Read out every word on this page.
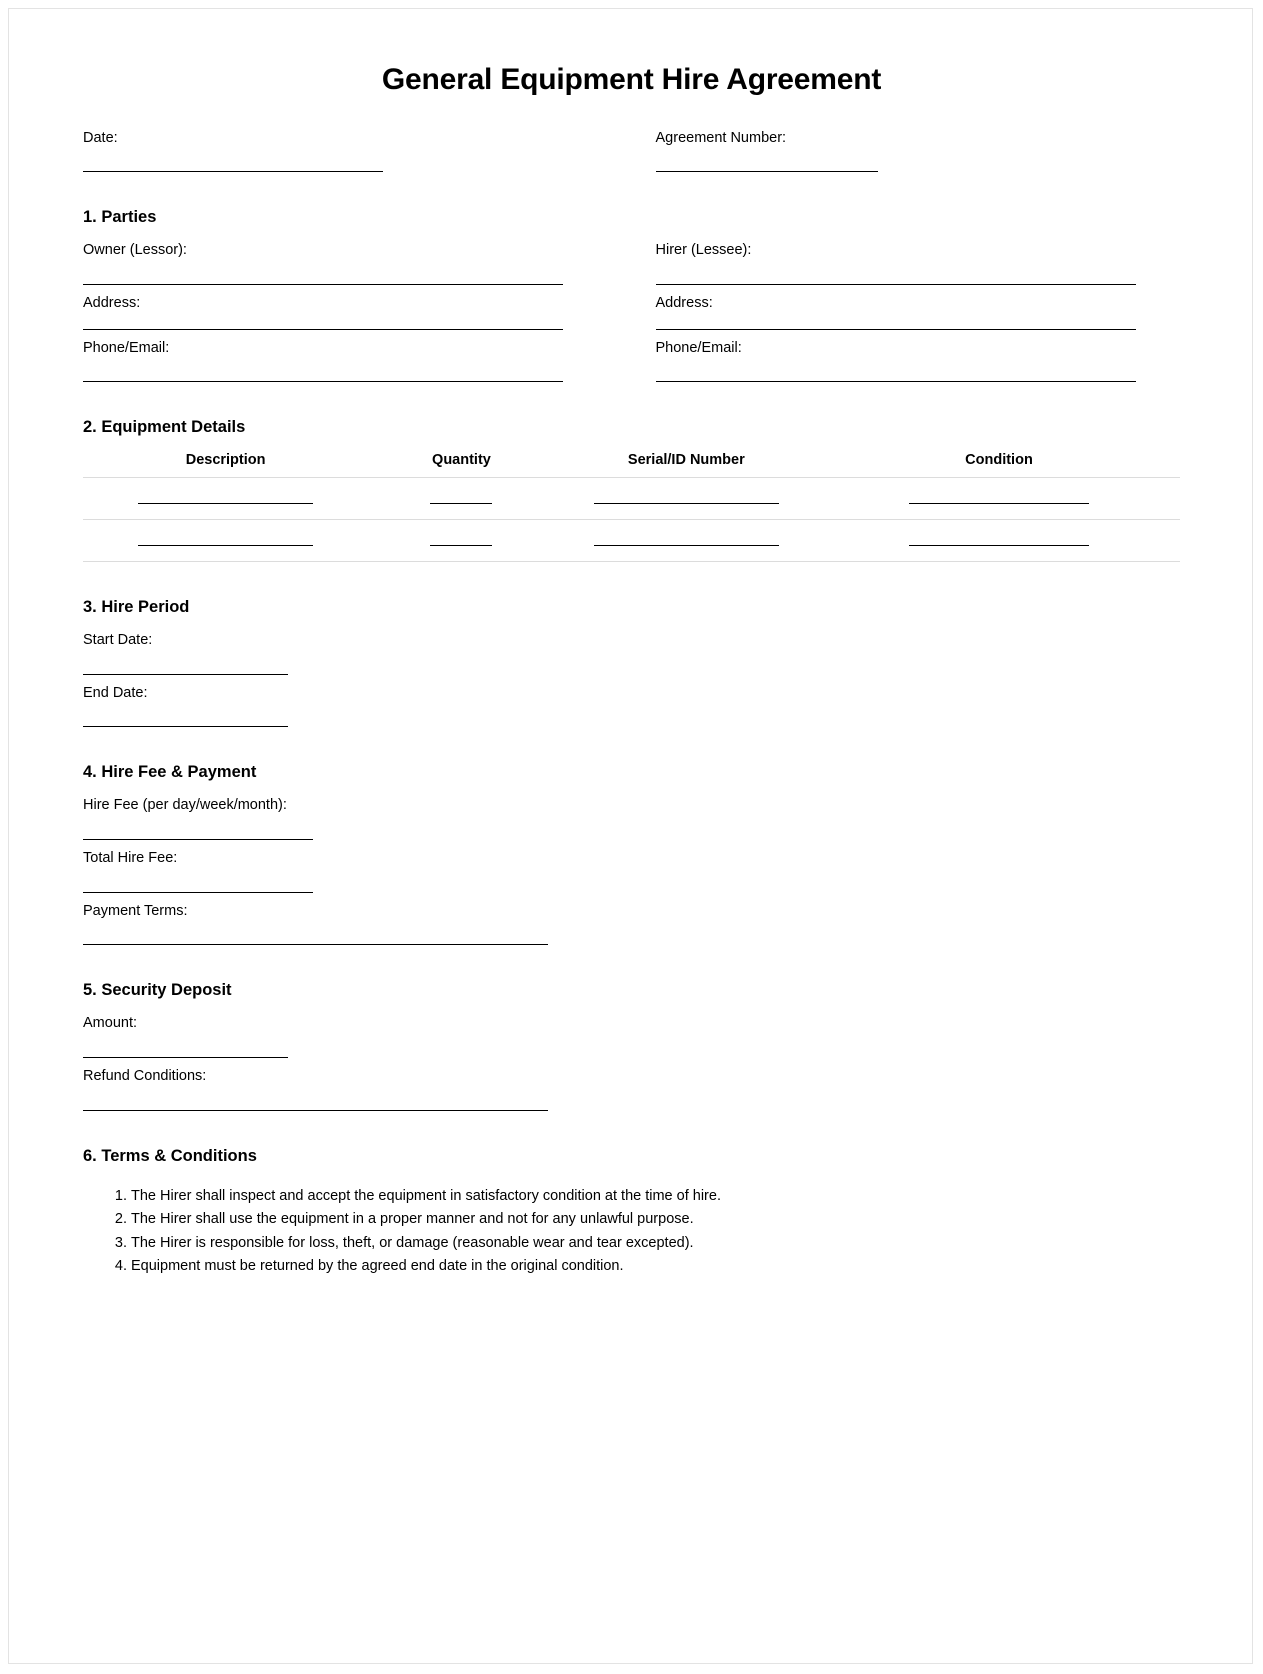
General Equipment Hire Agreement
Date:	Agreement Number:
1. Parties
Owner (Lessor):	Hirer (Lessee):
Address:	Address:
Phone/Email:	Phone/Email:
2. Equipment Details
Description	Quantity	Serial/ID Number	Condition

3. Hire Period
Start Date:
End Date:
4. Hire Fee & Payment
Hire Fee (per day/week/month):
Total Hire Fee:
Payment Terms:
5. Security Deposit
Amount:
Refund Conditions:
6. Terms & Conditions
1. The Hirer shall inspect and accept the equipment in satisfactory condition at the time of hire.
2. The Hirer shall use the equipment in a proper manner and not for any unlawful purpose.
3. The Hirer is responsible for loss, theft, or damage (reasonable wear and tear excepted).
4. Equipment must be returned by the agreed end date in the original condition.
